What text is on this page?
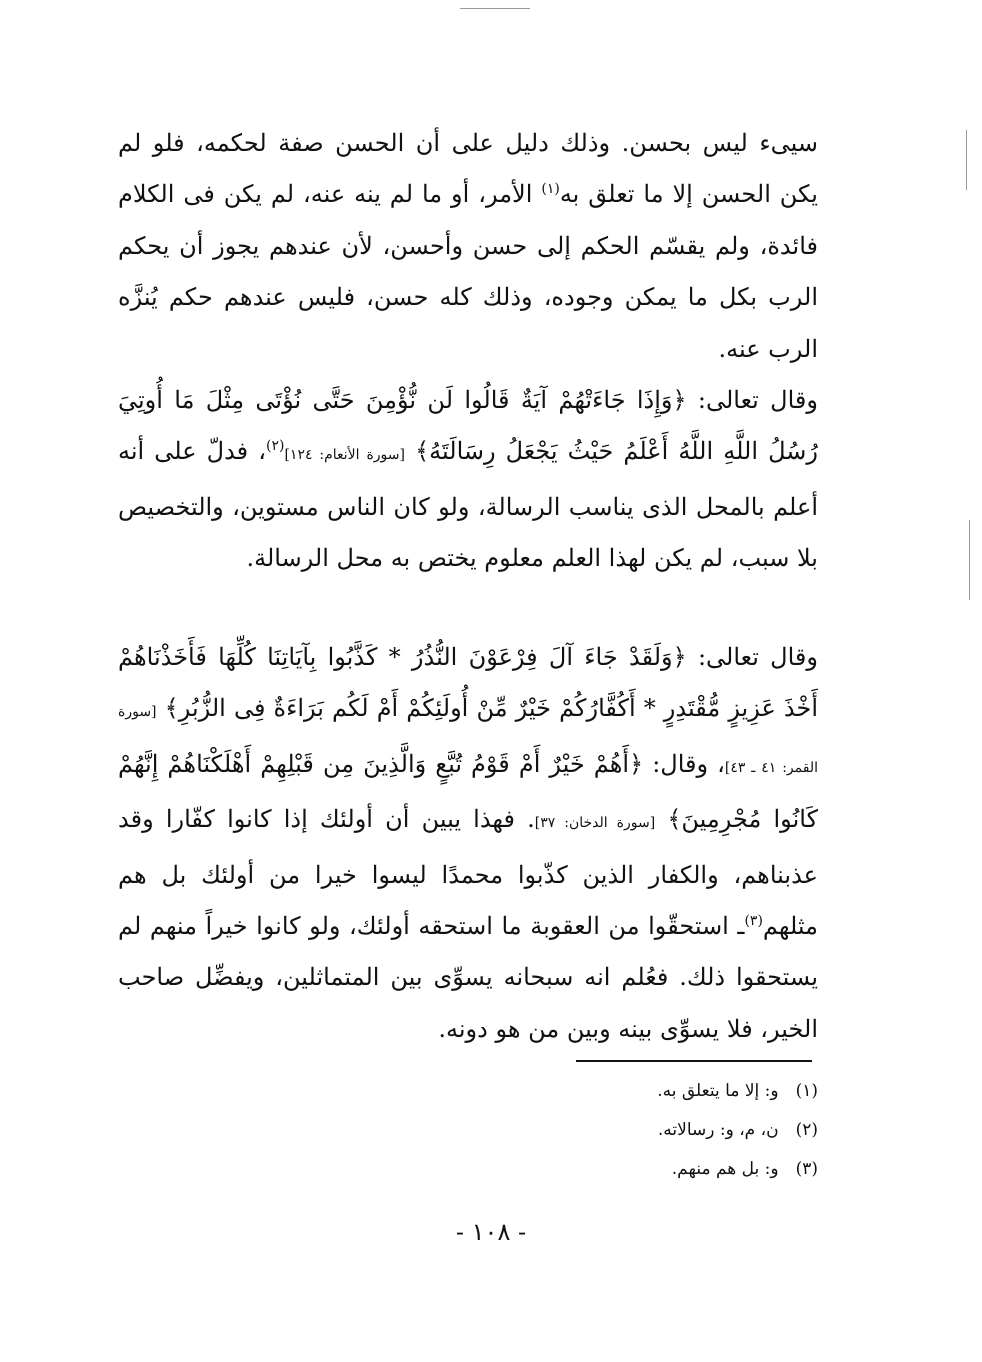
سيىء ليس بحسن. وذلك دليل على أن الحسن صفة لحكمه، فلو لم يكن الحسن إلا ما تعلق به$^{(١)}$ الأمر، أو ما لم ينه عنه، لم يكن فى الكلام فائدة، ولم يقسّم الحكم إلى حسن وأحسن، لأن عندهم يجوز أن يحكم الرب بكل ما يمكن وجوده، وذلك كله حسن، فليس عندهم حكم يُنزَّه الرب عنه.

وقال تعالى: ﴿وَإِذَا جَاءَتْهُمْ آيَةٌ قَالُوا لَن نُّؤْمِنَ حَتَّى نُؤْتَى مِثْلَ مَا أُوتِيَ رُسُلُ اللَّهِ اللَّهُ أَعْلَمُ حَيْثُ يَجْعَلُ رِسَالَتَهُ﴾ [سورة الأنعام: ١٢٤]$^{(٢)}$، فدلّ على أنه أعلم بالمحل الذى يناسب الرسالة، ولو كان الناس مستوين، والتخصيص بلا سبب، لم يكن لهذا العلم معلوم يختص به محل الرسالة.

وقال تعالى: ﴿وَلَقَدْ جَاءَ آلَ فِرْعَوْنَ النُّذُرُ * كَذَّبُوا بِآيَاتِنَا كُلِّهَا فَأَخَذْنَاهُمْ أَخْذَ عَزِيزٍ مُّقْتَدِرٍ * أَكُفَّارُكُمْ خَيْرٌ مِّنْ أُولَئِكُمْ أَمْ لَكُم بَرَاءَةٌ فِى الزُّبُرِ﴾ [سورة القمر: ٤١ ـ ٤٣]، وقال: ﴿أَهُمْ خَيْرٌ أَمْ قَوْمُ تُبَّعٍ وَالَّذِينَ مِن قَبْلِهِمْ أَهْلَكْنَاهُمْ إِنَّهُمْ كَانُوا مُجْرِمِينَ﴾ [سورة الدخان: ٣٧]. فهذا يبين أن أولئك إذا كانوا كفّارا وقد عذبناهم، والكفار الذين كذّبوا محمدًا ليسوا خيرا من أولئك بل هم مثلهم$^{(٣)}$ـ استحقّوا من العقوبة ما استحقه أولئك، ولو كانوا خيراً منهم لم يستحقوا ذلك. فعُلم انه سبحانه يسوِّى بين المتماثلين، ويفضِّل صاحب الخير، فلا يسوِّى بينه وبين من هو دونه.

(١) و: إلا ما يتعلق به.
(٢) ن، م، و: رسالاته.
(٣) و: بل هم منهم.
- ١٠٨ -
